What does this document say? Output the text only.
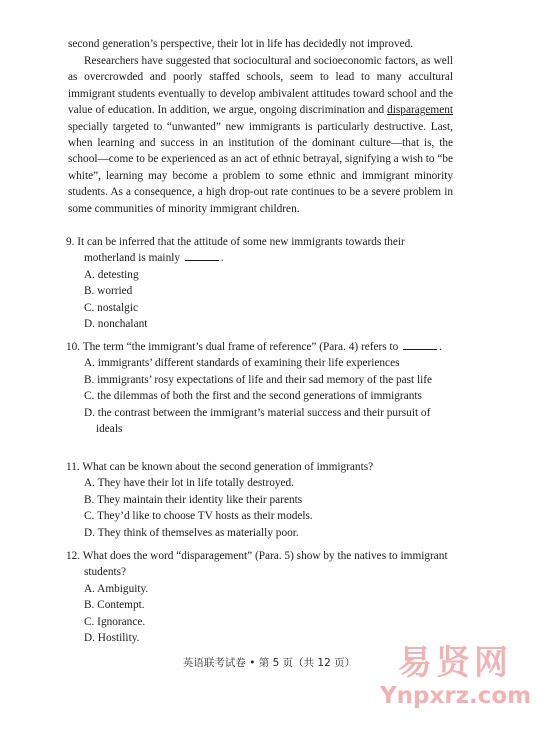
second generation’s perspective, their lot in life has decidedly not improved.

Researchers have suggested that sociocultural and socioeconomic factors, as well as overcrowded and poorly staffed schools, seem to lead to many accultural immigrant students eventually to develop ambivalent attitudes toward school and the value of education. In addition, we argue, ongoing discrimination and disparagement specially targeted to “unwanted” new immigrants is particularly destructive. Last, when learning and success in an institution of the dominant culture—that is, the school—come to be experienced as an act of ethnic betrayal, signifying a wish to “be white”, learning may become a problem to some ethnic and immigrant minority students. As a consequence, a high drop-out rate continues to be a severe problem in some communities of minority immigrant children.

9. It can be inferred that the attitude of some new immigrants towards their motherland is mainly	.

A. detesting

B. worried

C. nostalgic

D. nonchalant

10. The term “the immigrant’s dual frame of reference” (Para. 4) refers to	.

A. immigrants’ different standards of examining their life experiences

B. immigrants’ rosy expectations of life and their sad memory of the past life

C. the dilemmas of both the first and the second generations of immigrants

D. the contrast between the immigrant’s material success and their pursuit of ideals

11. What can be known about the second generation of immigrants?

A. They have their lot in life totally destroyed.

B. They maintain their identity like their parents

C. They’d like to choose TV hosts as their models.

D. They think of themselves as materially poor.

12. What does the word “disparagement” (Para. 5) show by the natives to immigrant students?

A. Ambiguity.

B. Contempt.

C. Ignorance.

D. Hostility.

英语联考试卷 • 第 5 页（共 12 页）	易贤网
Ynpxrz.com
